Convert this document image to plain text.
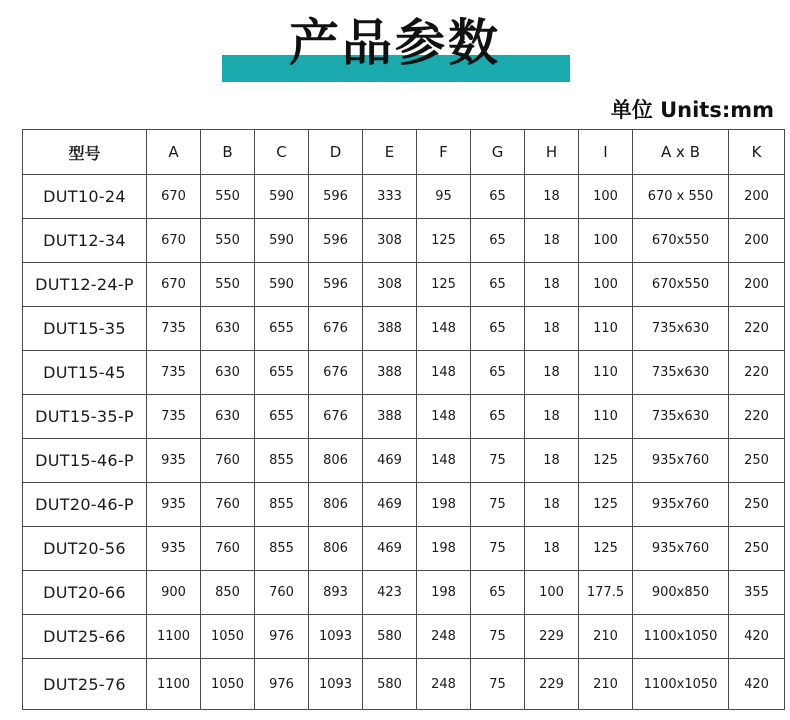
产品参数
单位 Units:mm
型号	A	B	C	D	E	F	G	H	I	A x B	K
DUT10-24	670	550	590	596	333	95	65	18	100	670 x 550	200
DUT12-34	670	550	590	596	308	125	65	18	100	670x550	200
DUT12-24-P	670	550	590	596	308	125	65	18	100	670x550	200
DUT15-35	735	630	655	676	388	148	65	18	110	735x630	220
DUT15-45	735	630	655	676	388	148	65	18	110	735x630	220
DUT15-35-P	735	630	655	676	388	148	65	18	110	735x630	220
DUT15-46-P	935	760	855	806	469	148	75	18	125	935x760	250
DUT20-46-P	935	760	855	806	469	198	75	18	125	935x760	250
DUT20-56	935	760	855	806	469	198	75	18	125	935x760	250
DUT20-66	900	850	760	893	423	198	65	100	177.5	900x850	355
DUT25-66	1100	1050	976	1093	580	248	75	229	210	1100x1050	420
DUT25-76	1100	1050	976	1093	580	248	75	229	210	1100x1050	420
